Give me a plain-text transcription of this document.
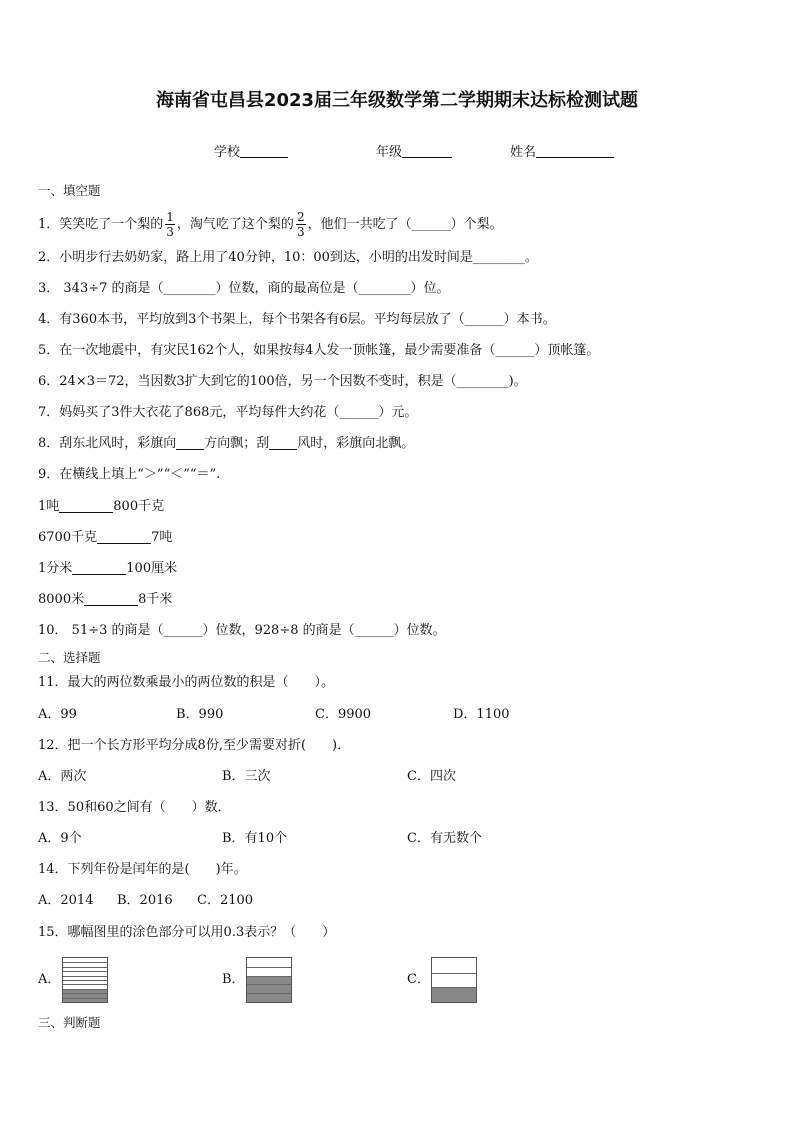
海南省屯昌县2023届三年级数学第二学期期末达标检测试题
学校	年级	姓名
一、填空题
1．笑笑吃了一个梨的 $\frac{1}{3}$ ，淘气吃了这个梨的 $\frac{2}{3}$ ，他们一共吃了（______）个梨。
2．小明步行去奶奶家，路上用了40分钟，10：00到达，小明的出发时间是________。
3． 343÷7 的商是（________）位数，商的最高位是（________）位。
4．有360本书，平均放到3个书架上，每个书架各有6层。平均每层放了（______）本书。
5．在一次地震中，有灾民162个人，如果按每4人发一顶帐篷，最少需要准备（______）顶帐篷。
6．24×3＝72，当因数3扩大到它的100倍，另一个因数不变时，积是（________)。
7．妈妈买了3件大衣花了868元，平均每件大约花（______）元。
8．刮东北风时，彩旗向 方向飘；刮 风时，彩旗向北飘。
9．在横线上填上“＞”“＜”“＝”.
1吨	800千克
6700千克	7吨
1分米	100厘米
8000米	8千米
10． 51÷3 的商是（______）位数，928÷8 的商是（______）位数。
二、选择题
11．最大的两位数乘最小的两位数的积是（　　）。
A．99	B．990	C．9900	D．1100
12．把一个长方形平均分成8份,至少需要对折(　　)．
A．两次	B．三次	C．四次
13．50和60之间有（　　）数．
A．9个	B．有10个	C．有无数个
14．下列年份是闰年的是(　　)年。
A．2014 B．2016 C．2100
15．哪幅图里的涂色部分可以用0.3表示？（　　）
A．	B．	C．
三、判断题
